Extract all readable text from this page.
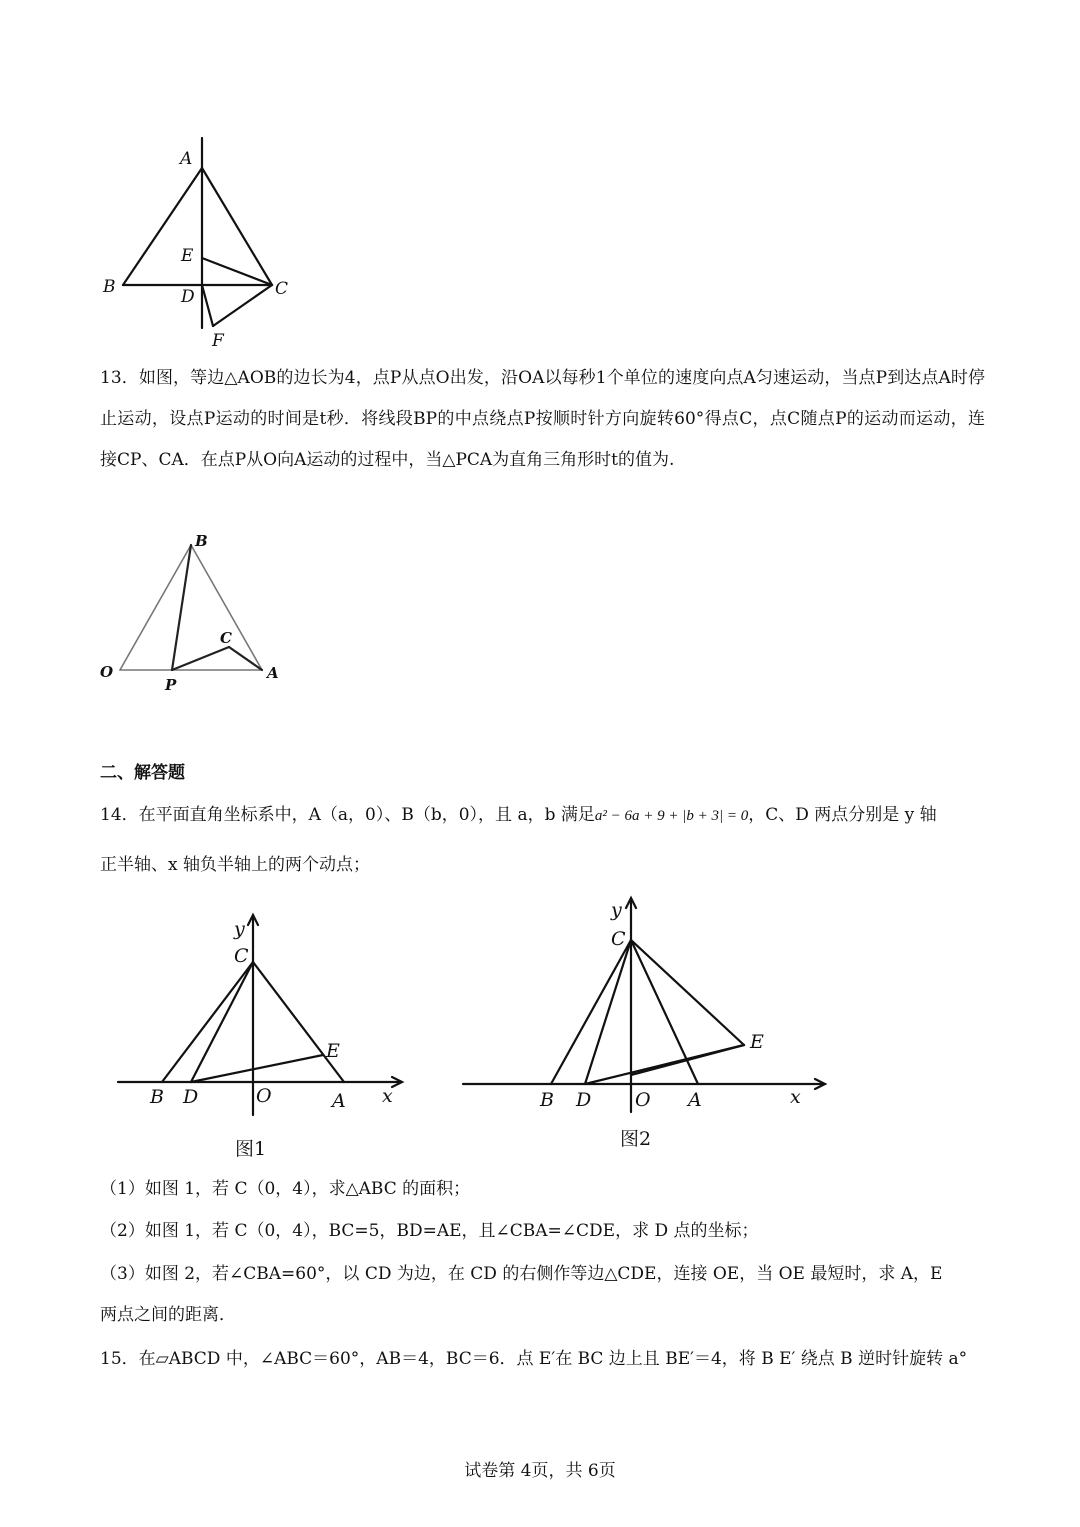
A
E
B	D	C
F
13．如图，等边△AOB的边长为4，点P从点O出发，沿OA以每秒1个单位的速度向点A匀速运动，当点P到达点A时停止运动，设点P运动的时间是t秒．将线段BP的中点绕点P按顺时针方向旋转60°得点C，点C随点P的运动而运动，连接CP、CA．在点P从O向A运动的过程中，当△PCA为直角三角形时t的值为.
B
C
O
P
A
二、解答题
14．在平面直角坐标系中，A（a，0）、B（b，0），且 a，b 满足a² − 6a + 9 + |b + 3| = 0，C、D 两点分别是 y 轴
正半轴、x 轴负半轴上的两个动点；
y
C
E
B D	O	A x
图1
y
C
E
B D O A	x
图2
（1）如图 1，若 C（0，4），求△ABC 的面积；
（2）如图 1，若 C（0，4），BC=5，BD=AE，且∠CBA=∠CDE，求 D 点的坐标；
（3）如图 2，若∠CBA=60°，以 CD 为边，在 CD 的右侧作等边△CDE，连接 OE，当 OE 最短时，求 A，E
两点之间的距离．
15．在▱ABCD 中，∠ABC＝60°，AB＝4，BC＝6．点 E′在 BC 边上且 BE′＝4，将 B E′ 绕点 B 逆时针旋转 a°
试卷第 4页，共 6页
